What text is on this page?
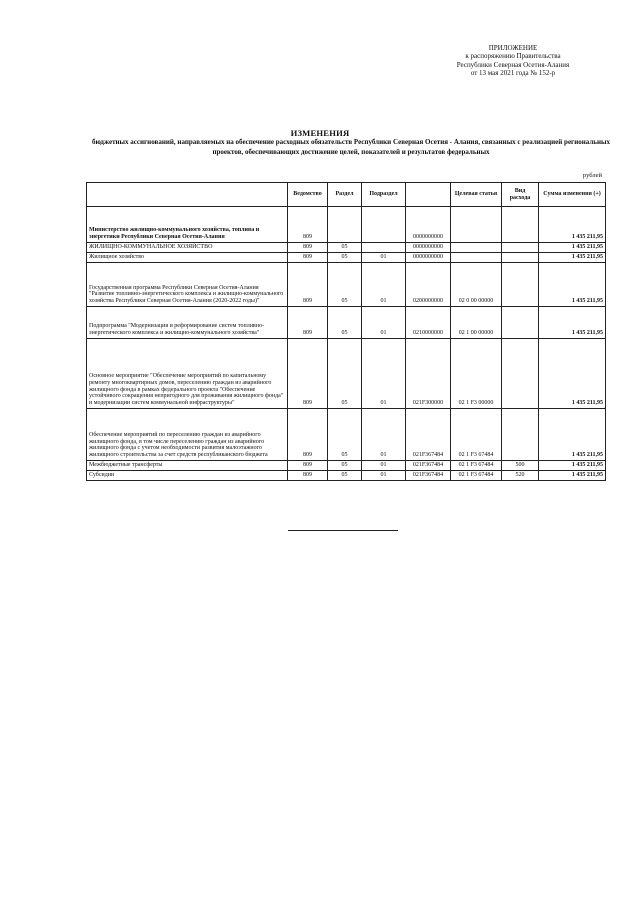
ПРИЛОЖЕНИЕ
к распоряжению Правительства
Республики Северная Осетия-Алания
от 13 мая 2021 года № 152-р
ИЗМЕНЕНИЯ
бюджетных ассигнований, направляемых на обеспечение расходных обязательств Республики Северная Осетия - Алания, связанных с реализацией региональных проектов, обеспечивающих достижение целей, показателей и результатов федеральных
рублей
	Ведомство	Раздел	Подраздел		Целевая статья	Вид расхода	Сумма изменения (+)
Министерство жилищно-коммунального хозяйства, топлива и энергетики Республики Северная Осетия-Алания	809			0000000000			1 435 211,95
ЖИЛИЩНО-КОММУНАЛЬНОЕ ХОЗЯЙСТВО	809	05		0000000000			1 435 211,95
Жилищное хозяйство	809	05	01	0000000000			1 435 211,95
Государственная программа Республики Северная Осетия-Алания "Развитие топливно-энергетического комплекса и жилищно-коммунального хозяйства Республики Северная Осетия-Алания (2020-2022 годы)"	809	05	01	0200000000	02 0 00 00000		1 435 211,95
Подпрограмма "Модернизация и реформирование систем топливно-энергетического комплекса и жилищно-коммунального хозяйства"	809	05	01	0210000000	02 1 00 00000		1 435 211,95
Основное мероприятие "Обеспечение мероприятий по капитальному ремонту многоквартирных домов, переселению граждан из аварийного жилищного фонда в рамках федерального проекта "Обеспечение устойчивого сокращения непригодного для проживания жилищного фонда" и модернизации систем коммунальной инфраструктуры"	809	05	01	021F300000	02 1 F3 00000		1 435 211,95
Обеспечение мероприятий по переселению граждан из аварийного жилищного фонда, в том числе переселению граждан из аварийного жилищного фонда с учетом необходимости развития малоэтажного жилищного строительства за счет средств республиканского бюджета	809	05	01	021F367484	02 1 F3 67484		1 435 211,95
Межбюджетные трансферты	809	05	01	021F367484	02 1 F3 67484	500	1 435 211,95
Субсидии	809	05	01	021F367484	02 1 F3 67484	520	1 435 211,95
